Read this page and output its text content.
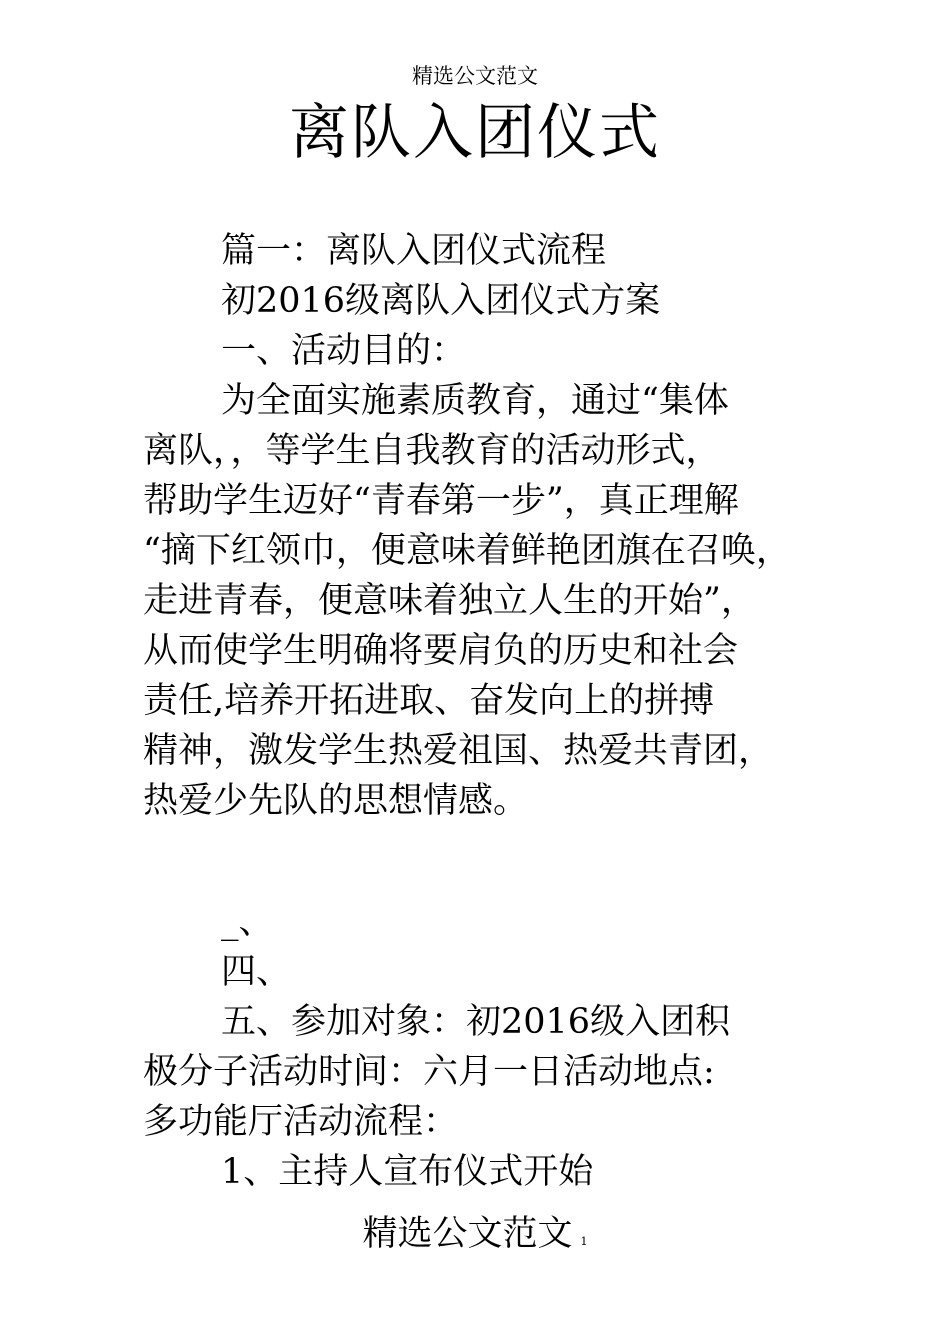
精选公文范文
离队入团仪式
篇一：离队入团仪式流程
初2016级离队入团仪式方案
一、活动目的：
为全面实施素质教育，通过“集体
离队，，等学生自我教育的活动形式，
帮助学生迈好“青春第一步”，真正理解
“摘下红领巾，便意味着鲜艳团旗在召唤，
走进青春，便意味着独立人生的开始”，
从而使学生明确将要肩负的历史和社会
责任,培养开拓进取、奋发向上的拼搏
精神，激发学生热爱祖国、热爱共青团，
热爱少先队的思想情感。
_、
四、
五、参加对象：初2016级入团积
极分子活动时间：六月一日活动地点:
多功能厅活动流程：
1、主持人宣布仪式开始
精选公文范文 1
